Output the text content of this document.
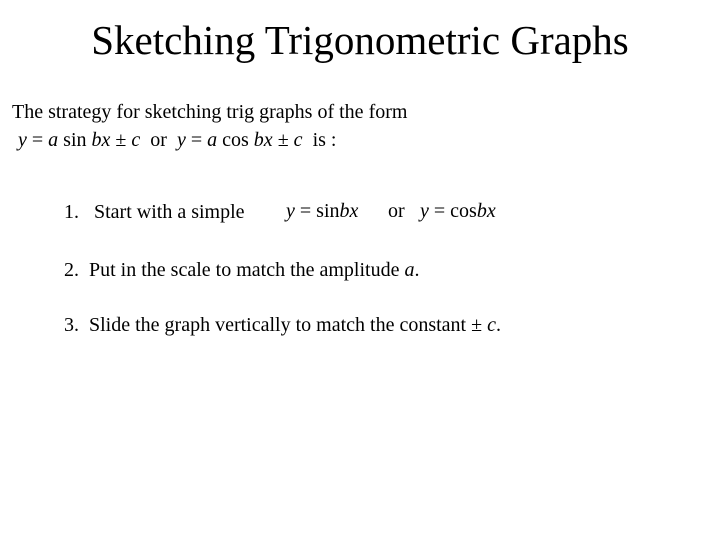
Sketching Trigonometric Graphs
The strategy for sketching trig graphs of the form
y = a sin bx ± c  or  y = a cos bx ± c  is :
1. Start with a simple y = sinbx or y = cosbx
2. Put in the scale to match the amplitude a.
3. Slide the graph vertically to match the constant ± c.
